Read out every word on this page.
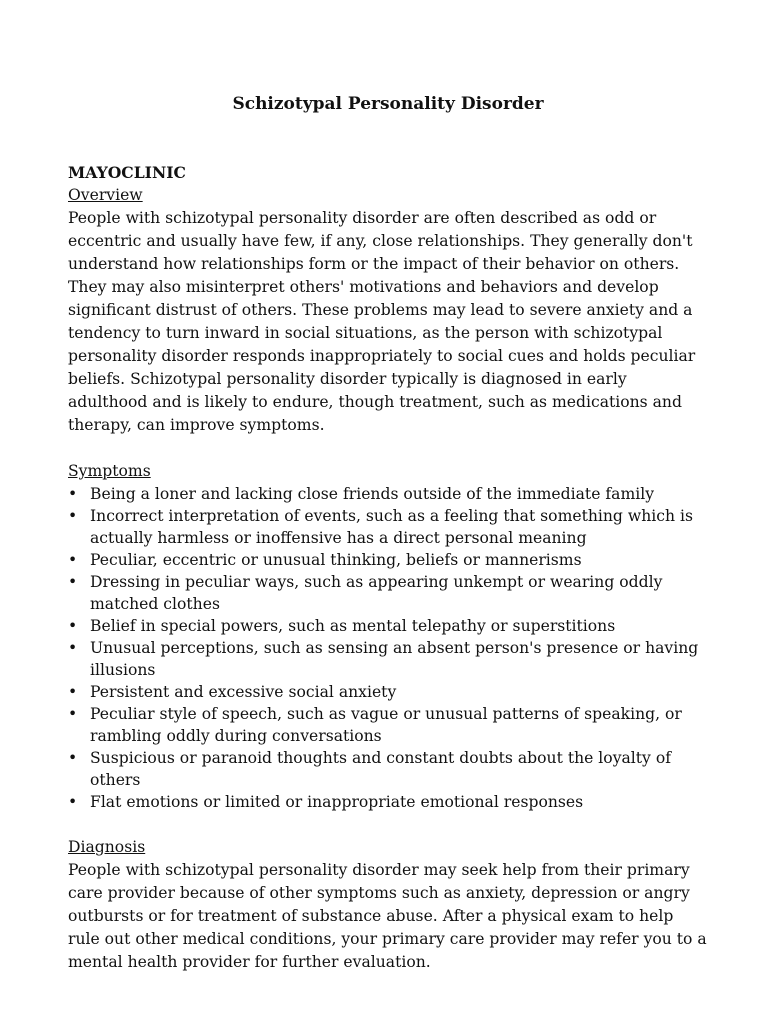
Schizotypal Personality Disorder
MAYOCLINIC
Overview

People with schizotypal personality disorder are often described as odd or eccentric and usually have few, if any, close relationships. They generally don't understand how relationships form or the impact of their behavior on others. They may also misinterpret others' motivations and behaviors and develop significant distrust of others. These problems may lead to severe anxiety and a tendency to turn inward in social situations, as the person with schizotypal personality disorder responds inappropriately to social cues and holds peculiar beliefs. Schizotypal personality disorder typically is diagnosed in early adulthood and is likely to endure, though treatment, such as medications and therapy, can improve symptoms.

Symptoms
• Being a loner and lacking close friends outside of the immediate family
• Incorrect interpretation of events, such as a feeling that something which is actually harmless or inoffensive has a direct personal meaning
• Peculiar, eccentric or unusual thinking, beliefs or mannerisms
• Dressing in peculiar ways, such as appearing unkempt or wearing oddly matched clothes
• Belief in special powers, such as mental telepathy or superstitions
• Unusual perceptions, such as sensing an absent person's presence or having illusions
• Persistent and excessive social anxiety
• Peculiar style of speech, such as vague or unusual patterns of speaking, or rambling oddly during conversations
• Suspicious or paranoid thoughts and constant doubts about the loyalty of others
• Flat emotions or limited or inappropriate emotional responses
Diagnosis

People with schizotypal personality disorder may seek help from their primary care provider because of other symptoms such as anxiety, depression or angry outbursts or for treatment of substance abuse. After a physical exam to help rule out other medical conditions, your primary care provider may refer you to a mental health provider for further evaluation.
